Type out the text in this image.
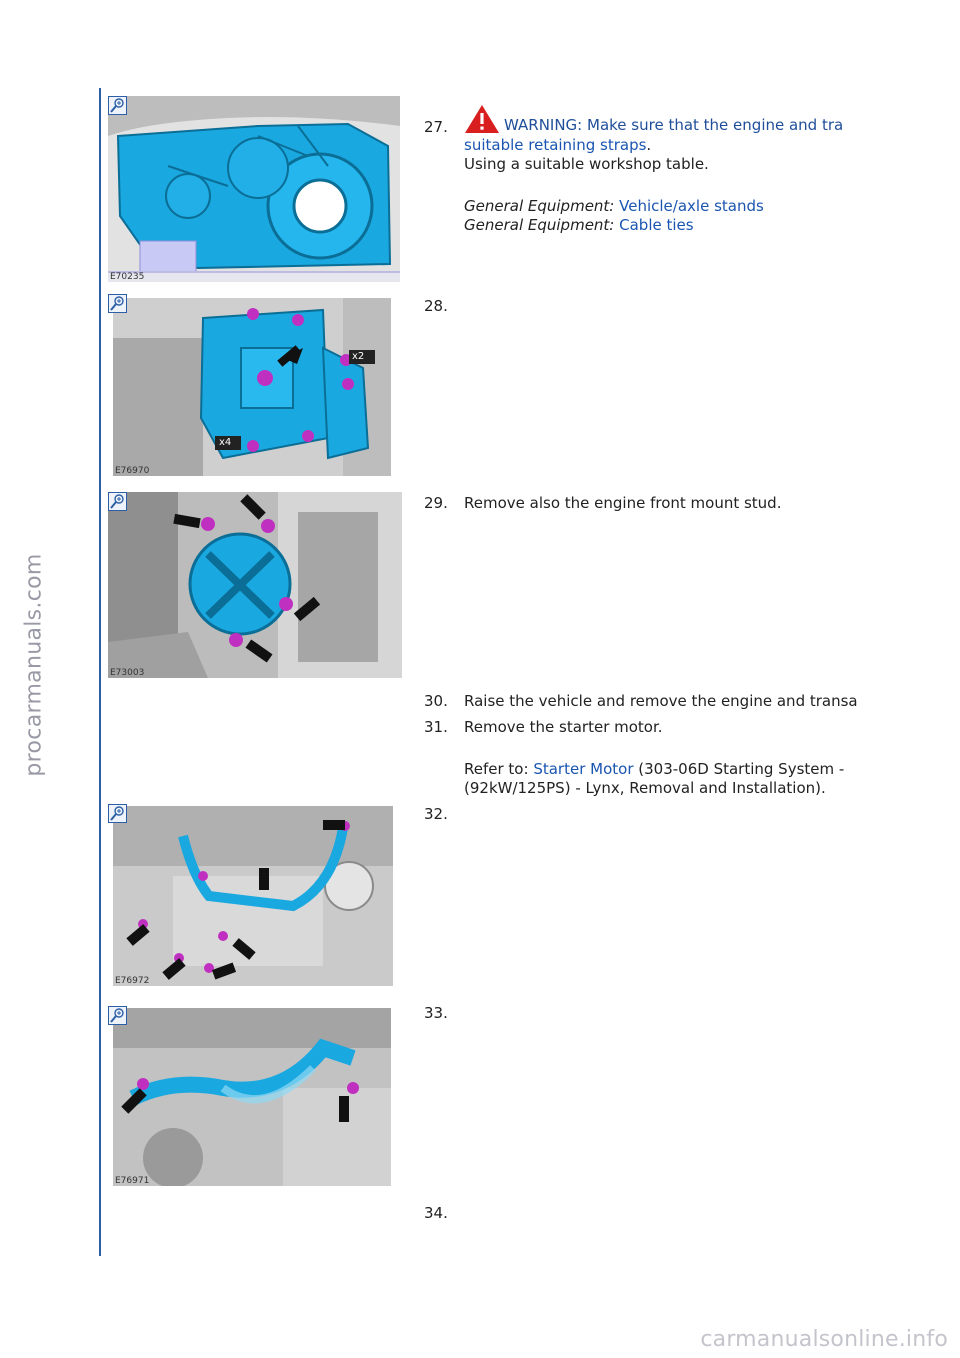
procarmanuals.com
carmanualsonline.info
E70235
x2
x4
E76970
E73003
E76972
E76971
27.	WARNING: Make sure that the engine and tra
suitable retaining straps.
Using a suitable workshop table.
General Equipment: Vehicle/axle stands
General Equipment: Cable ties
28.
29. Remove also the engine front mount stud.
30. Raise the vehicle and remove the engine and transa
31. Remove the starter motor.
Refer to: Starter Motor (303-06D Starting System -
(92kW/125PS) - Lynx, Removal and Installation).
32.
33.
34.
